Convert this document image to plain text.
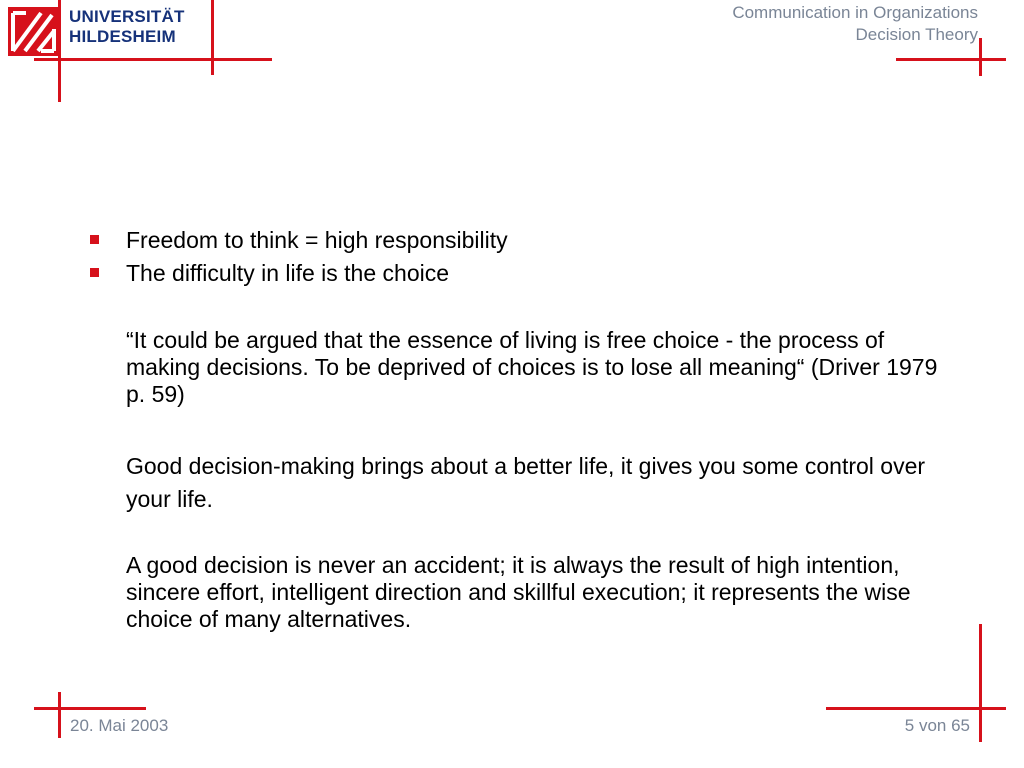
UNIVERSITÄT
HILDESHEIM
Communication in Organizations
Decision Theory
Freedom to think = high responsibility
The difficulty in life is the choice
“It could be argued that the essence of living is free choice - the process of making decisions. To be deprived of choices is to lose all meaning“ (Driver 1979 p. 59)
Good decision-making brings about a better life, it gives you some control over your life.
A good decision is never an accident; it is always the result of high intention, sincere effort, intelligent direction and skillful execution; it represents the wise choice of many alternatives.
20. Mai 2003	5 von 65
